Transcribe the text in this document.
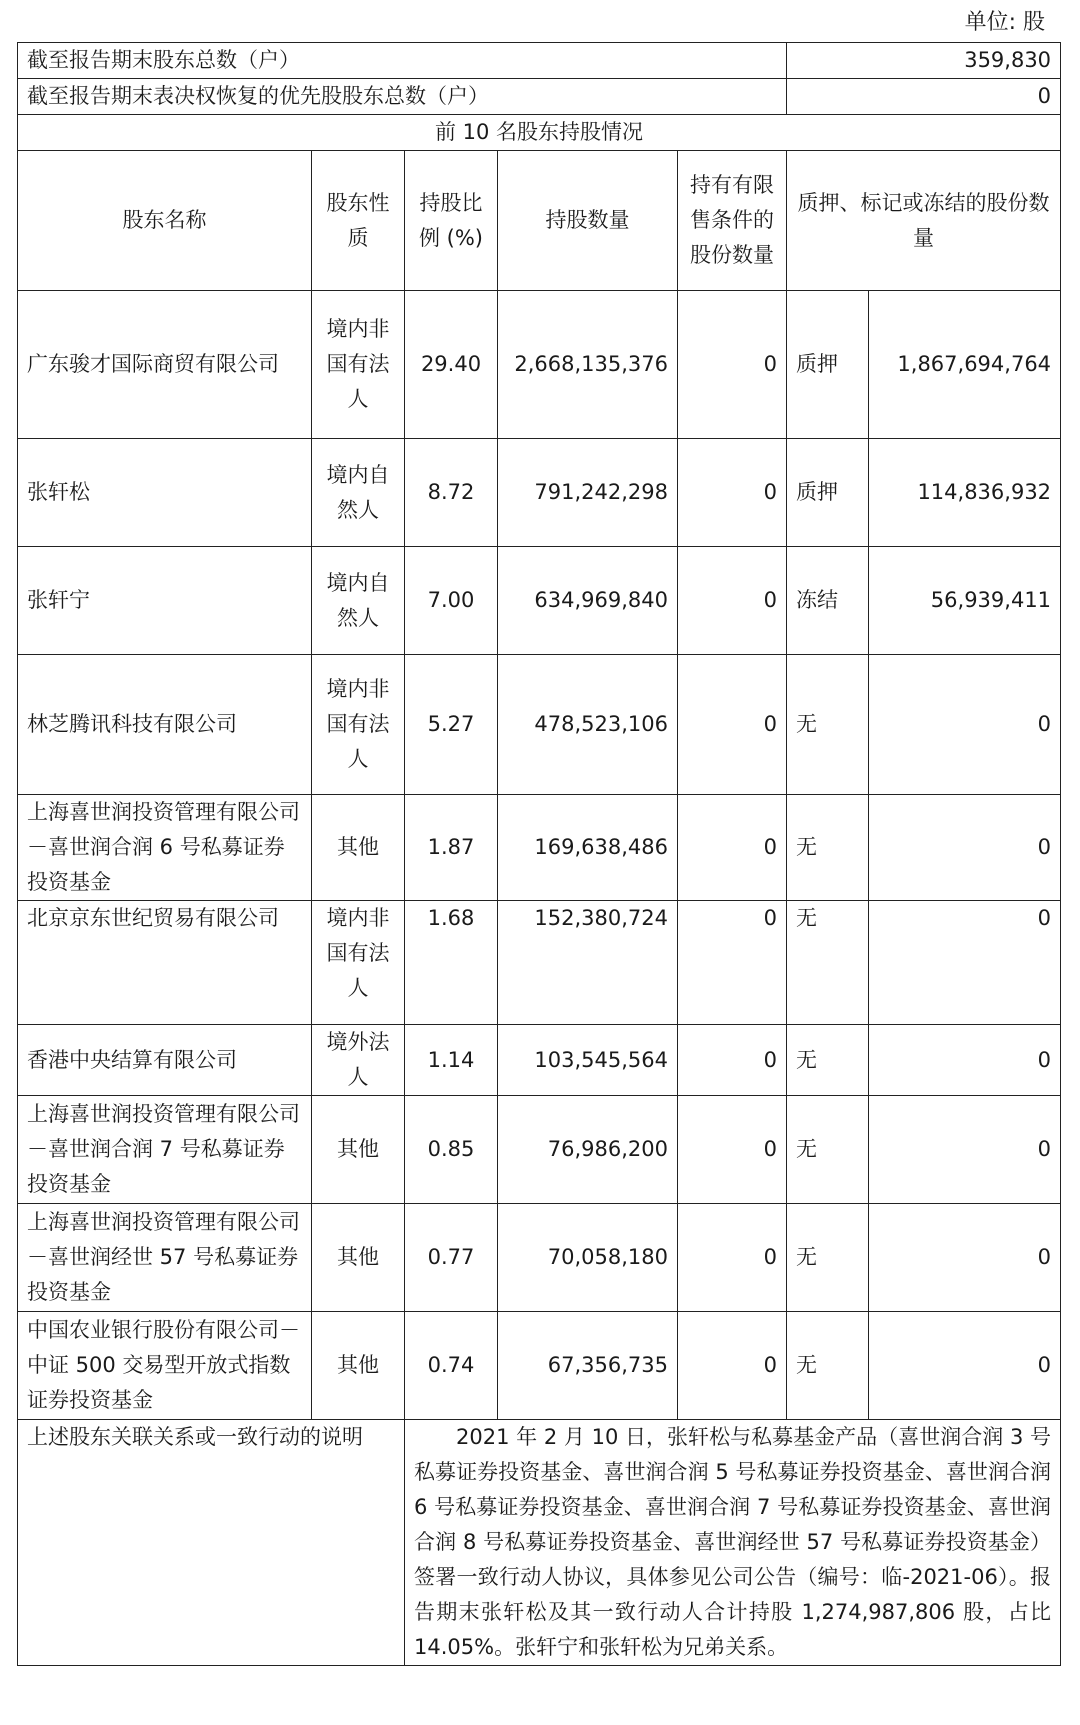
单位: 股
截至报告期末股东总数（户）					359,830	
截至报告期末表决权恢复的优先股股东总数（户）					0	
前 10 名股东持股情况						
股东名称	股东性质	持股比例 (%)	持股数量	持有有限售条件的股份数量	质押、标记或冻结的股份数量	
广东骏才国际商贸有限公司	境内非国有法人	29.40	2,668,135,376	0	质押	1,867,694,764
张轩松	境内自然人	8.72	791,242,298	0	质押	114,836,932
张轩宁	境内自然人	7.00	634,969,840	0	冻结	56,939,411
林芝腾讯科技有限公司	境内非国有法人	5.27	478,523,106	0	无	0
上海喜世润投资管理有限公司－喜世润合润 6 号私募证券投资基金	其他	1.87	169,638,486	0	无	0
北京京东世纪贸易有限公司	境内非国有法人	1.68	152,380,724	0	无	0
香港中央结算有限公司	境外法人	1.14	103,545,564	0	无	0
上海喜世润投资管理有限公司－喜世润合润 7 号私募证券投资基金	其他	0.85	76,986,200	0	无	0
上海喜世润投资管理有限公司－喜世润经世 57 号私募证券投资基金	其他	0.77	70,058,180	0	无	0
中国农业银行股份有限公司－中证 500 交易型开放式指数证券投资基金	其他	0.74	67,356,735	0	无	0
上述股东关联关系或一致行动的说明		2021 年 2 月 10 日，张轩松与私募基金产品（喜世润合润 3 号私募证券投资基金、喜世润合润 5 号私募证券投资基金、喜世润合润 6 号私募证券投资基金、喜世润合润 7 号私募证券投资基金、喜世润合润 8 号私募证券投资基金、喜世润经世 57 号私募证券投资基金）签署一致行动人协议，具体参见公司公告（编号：临-2021-06）。报告期末张轩松及其一致行动人合计持股 1,274,987,806 股，占比 14.05%。张轩宁和张轩松为兄弟关系。				
